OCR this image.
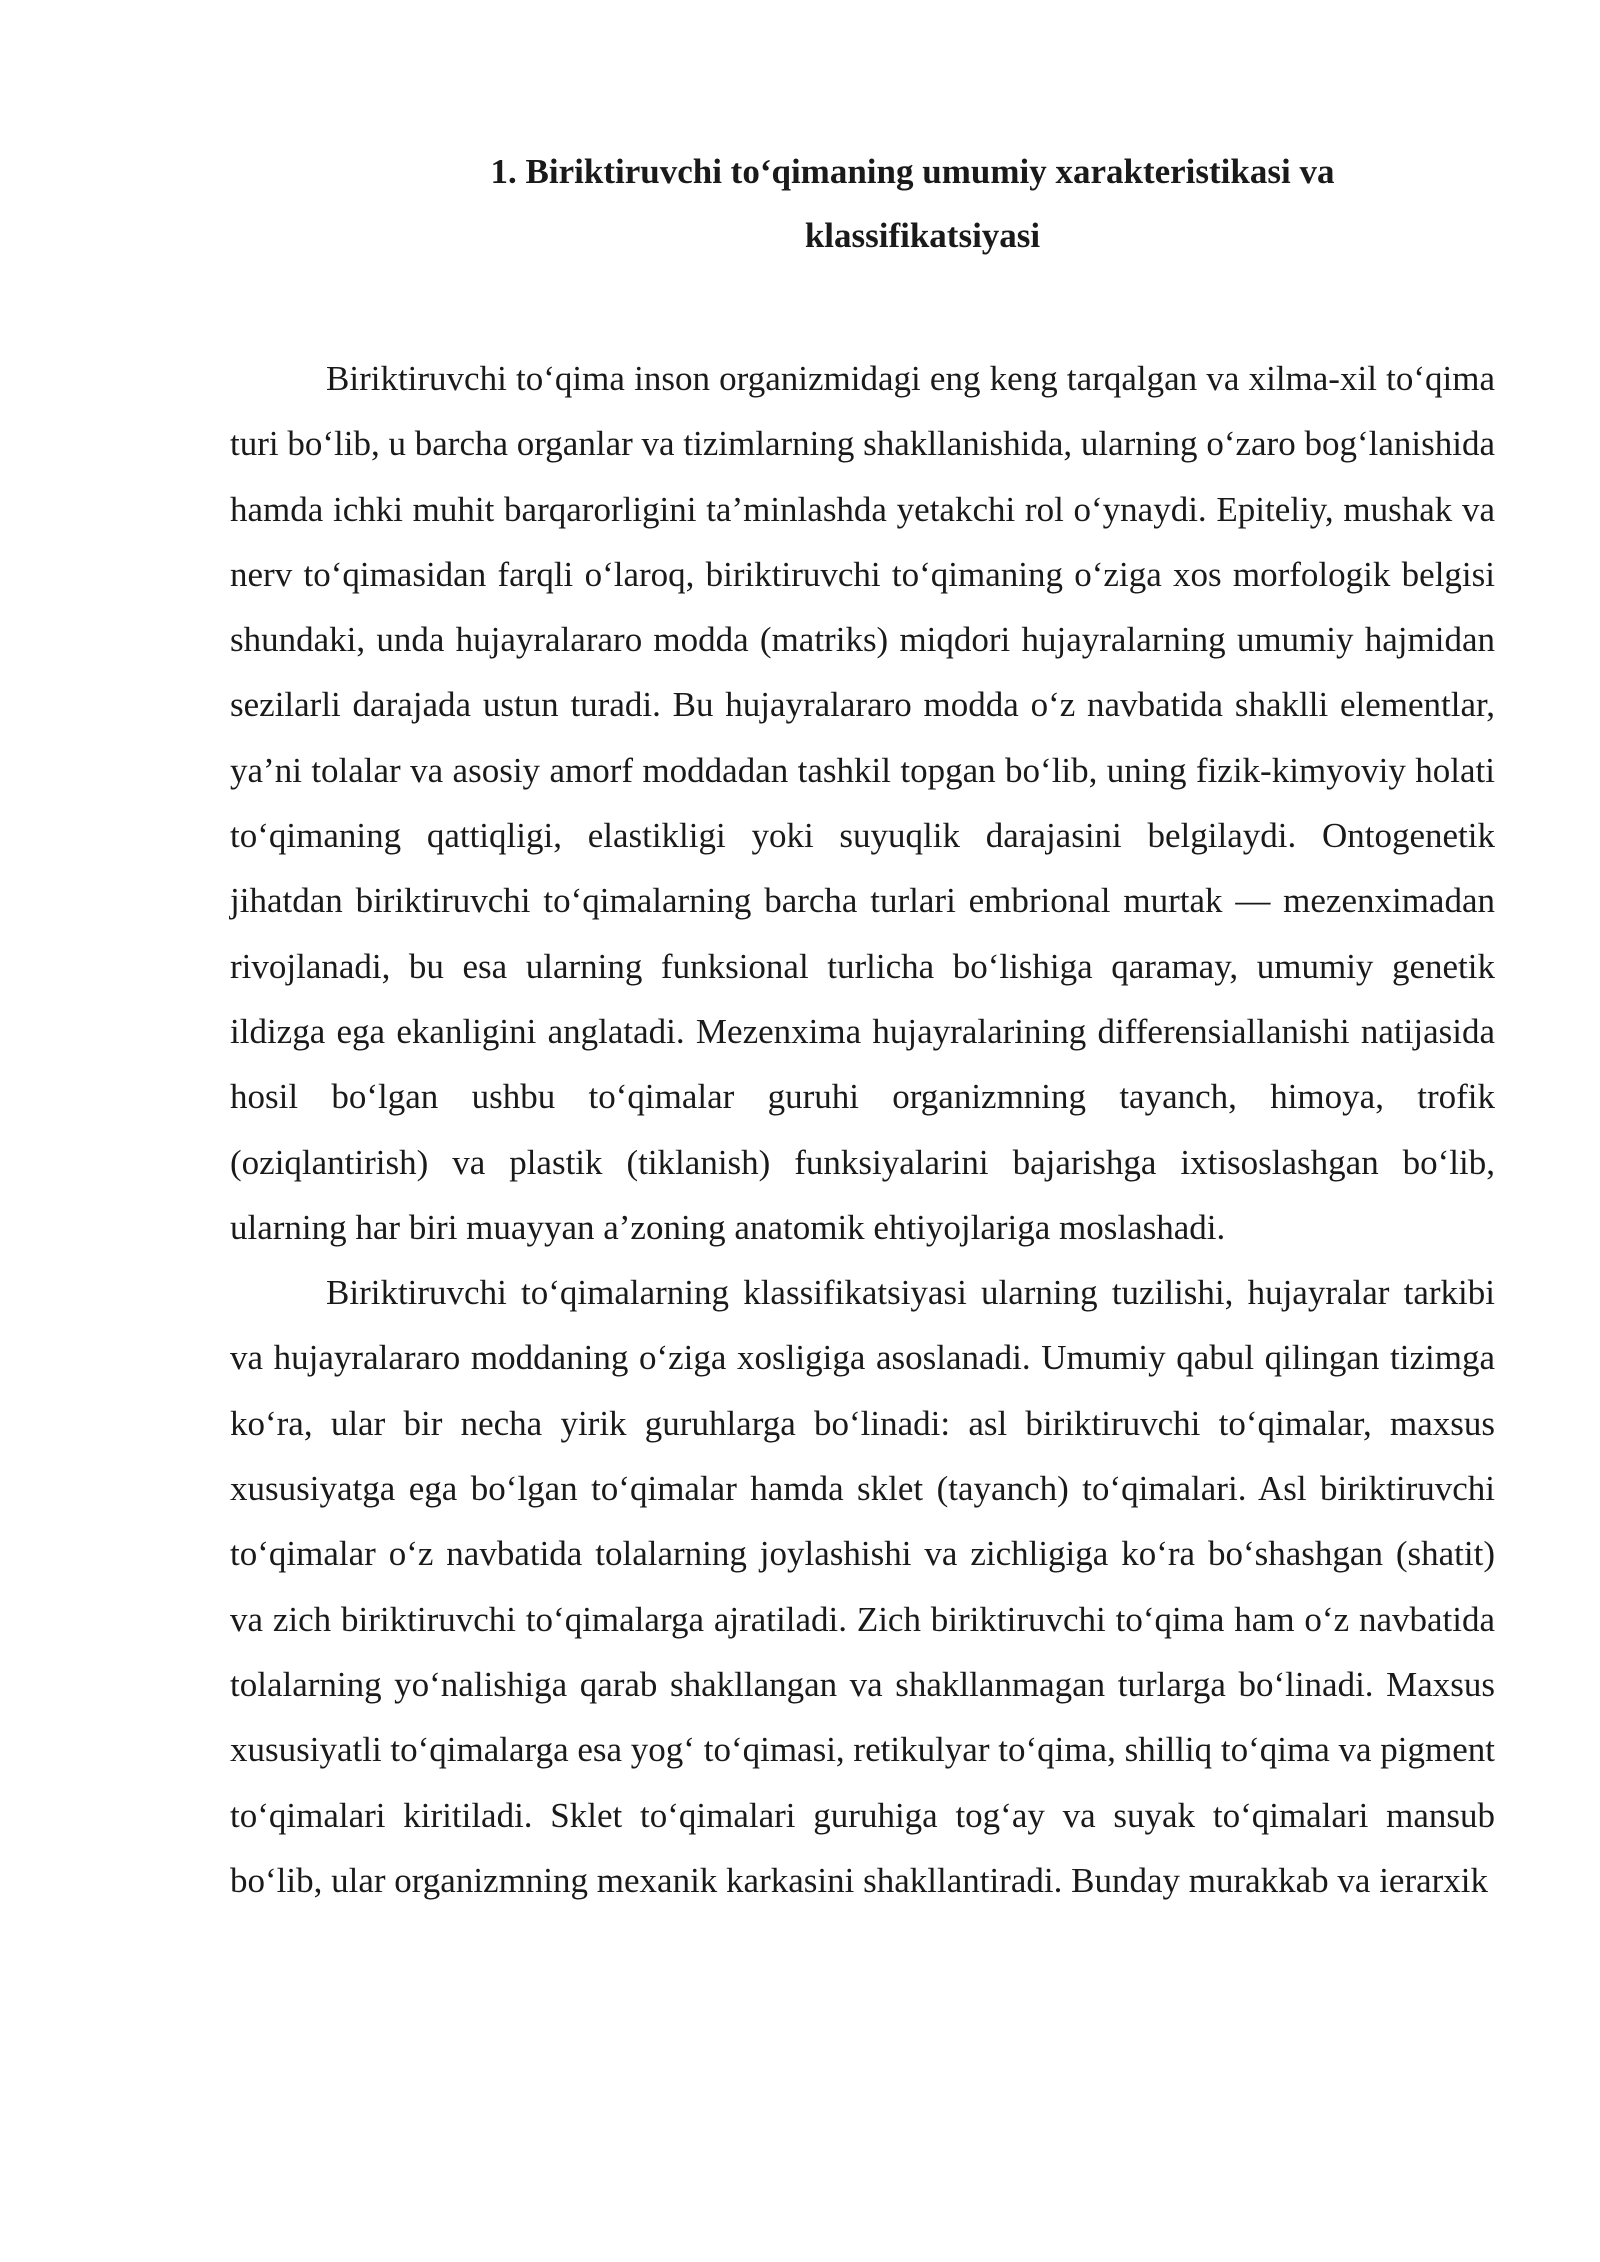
1. Biriktiruvchi to‘qimaning umumiy xarakteristikasi va
klassifikatsiyasi

Biriktiruvchi to‘qima inson organizmidagi eng keng tarqalgan va xilma-xil to‘qima turi bo‘lib, u barcha organlar va tizimlarning shakllanishida, ularning o‘zaro bog‘lanishida hamda ichki muhit barqarorligini ta’minlashda yetakchi rol o‘ynaydi. Epiteliy, mushak va nerv to‘qimasidan farqli o‘laroq, biriktiruvchi to‘qimaning o‘ziga xos morfologik belgisi shundaki, unda hujayralararo modda (matriks) miqdori hujayralarning umumiy hajmidan sezilarli darajada ustun turadi. Bu hujayralararo modda o‘z navbatida shaklli elementlar, ya’ni tolalar va asosiy amorf moddadan tashkil topgan bo‘lib, uning fizik-kimyoviy holati to‘qimaning qattiqligi, elastikligi yoki suyuqlik darajasini belgilaydi. Ontogenetik jihatdan biriktiruvchi to‘qimalarning barcha turlari embrional murtak — mezenximadan rivojlanadi, bu esa ularning funksional turlicha bo‘lishiga qaramay, umumiy genetik ildizga ega ekanligini anglatadi. Mezenxima hujayralarining differensiallanishi natijasida hosil bo‘lgan ushbu to‘qimalar guruhi organizmning tayanch, himoya, trofik (oziqlantirish) va plastik (tiklanish) funksiyalarini bajarishga ixtisoslashgan bo‘lib, ularning har biri muayyan a’zoning anatomik ehtiyojlariga moslashadi.

Biriktiruvchi to‘qimalarning klassifikatsiyasi ularning tuzilishi, hujayralar tarkibi va hujayralararo moddaning o‘ziga xosligiga asoslanadi. Umumiy qabul qilingan tizimga ko‘ra, ular bir necha yirik guruhlarga bo‘linadi: asl biriktiruvchi to‘qimalar, maxsus xususiyatga ega bo‘lgan to‘qimalar hamda sklet (tayanch) to‘qimalari. Asl biriktiruvchi to‘qimalar o‘z navbatida tolalarning joylashishi va zichligiga ko‘ra bo‘shashgan (shatit) va zich biriktiruvchi to‘qimalarga ajratiladi. Zich biriktiruvchi to‘qima ham o‘z navbatida tolalarning yo‘nalishiga qarab shakllangan va shakllanmagan turlarga bo‘linadi. Maxsus xususiyatli to‘qimalarga esa yog‘ to‘qimasi, retikulyar to‘qima, shilliq to‘qima va pigment to‘qimalari kiritiladi. Sklet to‘qimalari guruhiga tog‘ay va suyak to‘qimalari mansub bo‘lib, ular organizmning mexanik karkasini shakllantiradi. Bunday murakkab va ierarxik
